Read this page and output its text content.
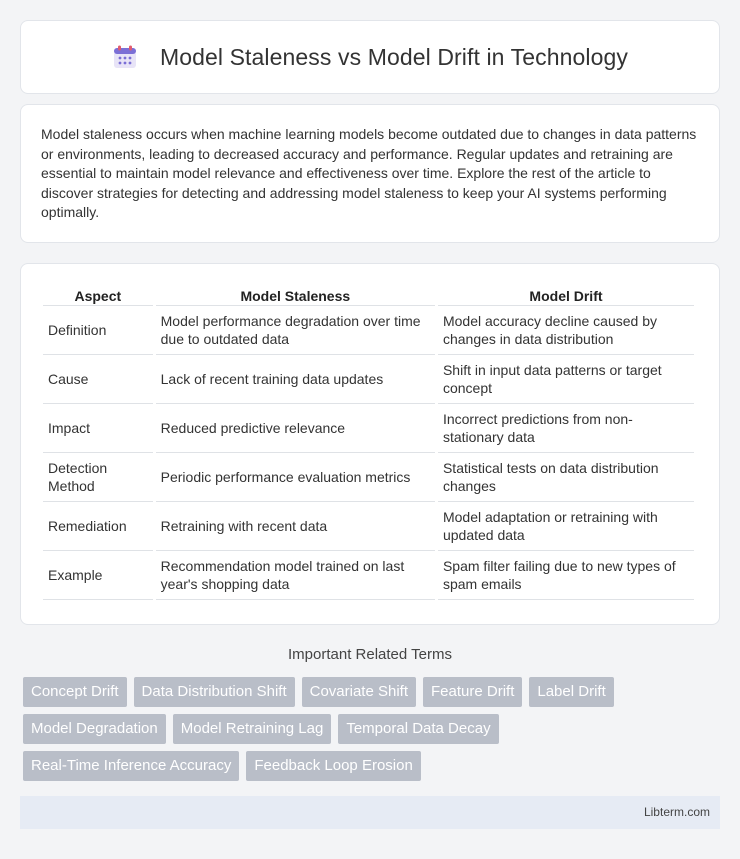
Model Staleness vs Model Drift in Technology

Model staleness occurs when machine learning models become outdated due to changes in data patterns or environments, leading to decreased accuracy and performance. Regular updates and retraining are essential to maintain model relevance and effectiveness over time. Explore the rest of the article to discover strategies for detecting and addressing model staleness to keep your AI systems performing optimally.

Aspect	Model Staleness	Model Drift
Definition	Model performance degradation over time due to outdated data	Model accuracy decline caused by changes in data distribution
Cause	Lack of recent training data updates	Shift in input data patterns or target concept
Impact	Reduced predictive relevance	Incorrect predictions from non-stationary data
Detection Method	Periodic performance evaluation metrics	Statistical tests on data distribution changes
Remediation	Retraining with recent data	Model adaptation or retraining with updated data
Example	Recommendation model trained on last year's shopping data	Spam filter failing due to new types of spam emails
Important Related Terms
Concept Drift	Data Distribution Shift	Covariate Shift	Feature Drift	Label Drift
Model Degradation	Model Retraining Lag	Temporal Data Decay
Real-Time Inference Accuracy	Feedback Loop Erosion
Libterm.com
